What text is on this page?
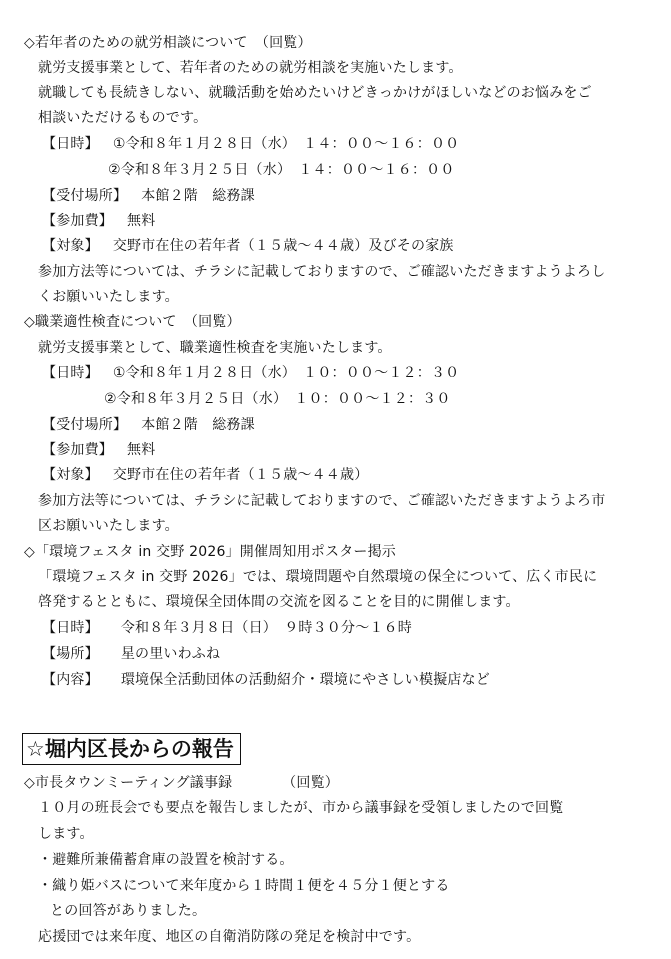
◇若年者のための就労相談について　（回覧）
就労支援事業として、若年者のための就労相談を実施いたします。
就職しても長続きしない、就職活動を始めたいけどきっかけがほしいなどのお悩みをご
相談いただけるものです。
【日時】 ①令和８年１月２８日（水）　１４：００〜１６：００
②令和８年３月２５日（水）　１４：００〜１６：００
【受付場所】 本館２階　総務課
【参加費】 無料
【対象】 交野市在住の若年者（１５歳〜４４歳）及びその家族
参加方法等については、チラシに記載しておりますので、ご確認いただきますようよろし
くお願いいたします。
◇職業適性検査について　（回覧）
就労支援事業として、職業適性検査を実施いたします。
【日時】 ①令和８年１月２８日（水）　１０：００〜１２：３０
②令和８年３月２５日（水）　１０：００〜１２：３０
【受付場所】 本館２階　総務課
【参加費】 無料
【対象】 交野市在住の若年者（１５歳〜４４歳）
参加方法等については、チラシに記載しておりますので、ご確認いただきますようよろ市
区お願いいたします。
◇「環境フェスタ in 交野 2026」開催周知用ポスター掲示
「環境フェスタ in 交野 2026」では、環境問題や自然環境の保全について、広く市民に
啓発するとともに、環境保全団体間の交流を図ることを目的に開催します。
【日時】 令和８年３月８日（日）　９時３０分〜１６時
【場所】 星の里いわふね
【内容】 環境保全活動団体の活動紹介・環境にやさしい模擬店など
☆堀内区長からの報告
◇市長タウンミーティング議事録　　　　（回覧）
１０月の班長会でも要点を報告しましたが、市から議事録を受領しましたので回覧
します。
・避難所兼備蓄倉庫の設置を検討する。
・織り姫バスについて来年度から１時間１便を４５分１便とする
との回答がありました。
応援団では来年度、地区の自衛消防隊の発足を検討中です。
